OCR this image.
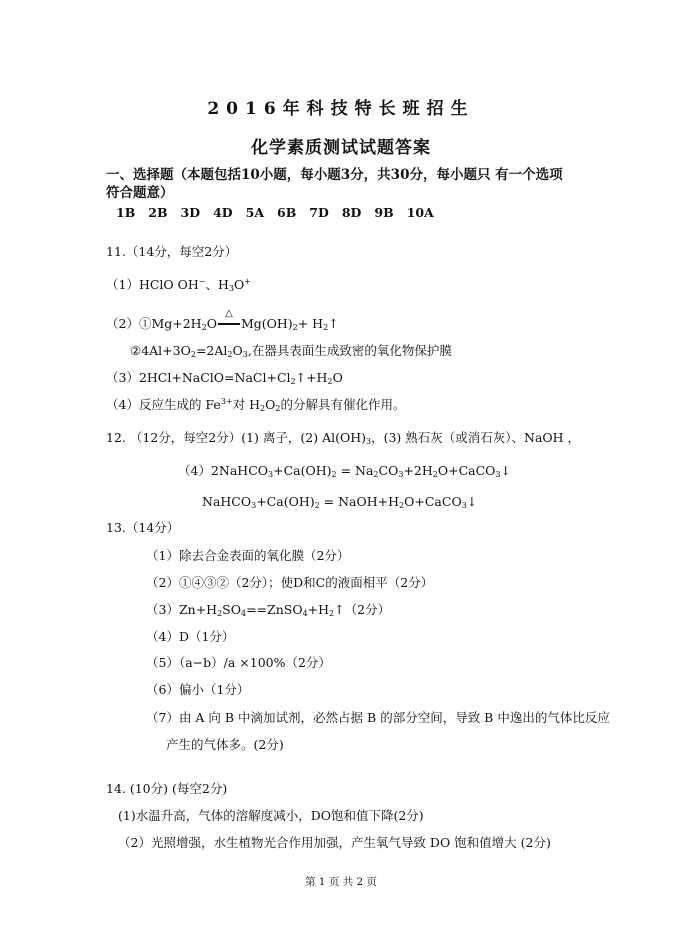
2016年科技特长班招生
化学素质测试试题答案
一、选择题（本题包括10小题，每小题3分，共30分，每小题只 有一个选项
符合题意）
1B 2B 3D 4D 5A 6B 7D 8D 9B 10A
11.（14分，每空2分）
（1）HClO OH−、$H_3O^+$
$(2)①Mg+2H_2O$
△
$Mg(OH)_2+$ $H_2↑$
$②4Al+3O_2=2Al_2O_3$,在器具表面生成致密的氧化物保护膜
$(3)2HCl+NaClO=NaCl+Cl_2↑+H_2O$
（4）反应生成的 $Fe^{3+}$对 $H_2O_2$的分解具有催化作用。
12. （12分，每空2分）(1) 离子，(2) $Al(OH)_3$，(3) 熟石灰（或消石灰）、NaOH ，
$(4)2NaHCO_3+Ca(OH)_2$ = $Na_2CO_3+2H_2O+CaCO_3↓$
$NaHCO_3+Ca(OH)_2$ = $NaOH+H_2O+CaCO_3↓$
13.（14分）
（1）除去合金表面的氧化膜（2分）
（2）①④③②（2分）；使D和C的液面相平（2分）
$(3)Zn+H_2SO_4==ZnSO_4+H_2↑(2$分）
（4）D（1分）
（5）（a−b）/a ×100%（2分）
（6）偏小（1分）
（7）由 A 向 B 中滴加试剂，必然占据 B 的部分空间，导致 B 中逸出的气体比反应
产生的气体多。(2分)
14. (10分) (每空2分)
(1)水温升高，气体的溶解度减小，DO饱和值下降(2分)
（2）光照增强，水生植物光合作用加强，产生氧气导致 DO 饱和值增大 (2分)
第 1 页 共 2 页
